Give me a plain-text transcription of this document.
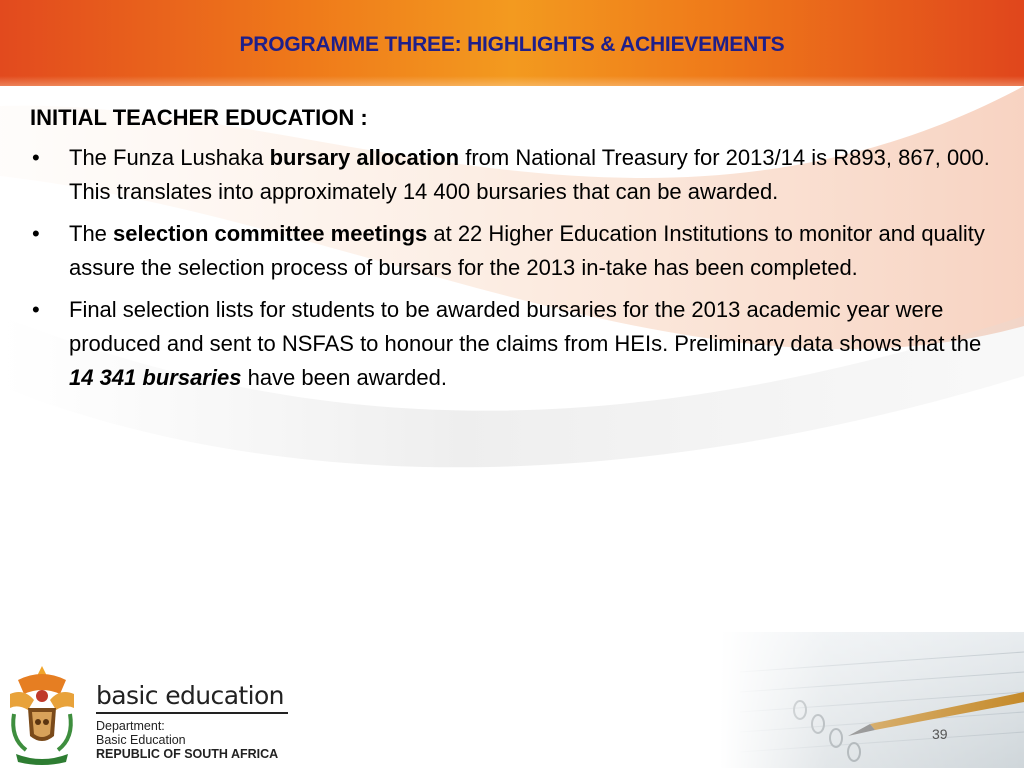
PROGRAMME THREE: HIGHLIGHTS & ACHIEVEMENTS
INITIAL TEACHER EDUCATION :
• The Funza Lushaka bursary allocation from National Treasury for 2013/14 is R893, 867, 000. This translates into approximately 14 400 bursaries that can be awarded.
• The selection committee meetings at 22 Higher Education Institutions to monitor and quality assure the selection process of bursars for the 2013 in-take has been completed.
• Final selection lists for students to be awarded bursaries for the 2013 academic year were produced and sent to NSFAS to honour the claims from HEIs. Preliminary data shows that the 14 341 bursaries have been awarded.
39
basic education
Department:
Basic Education
REPUBLIC OF SOUTH AFRICA
